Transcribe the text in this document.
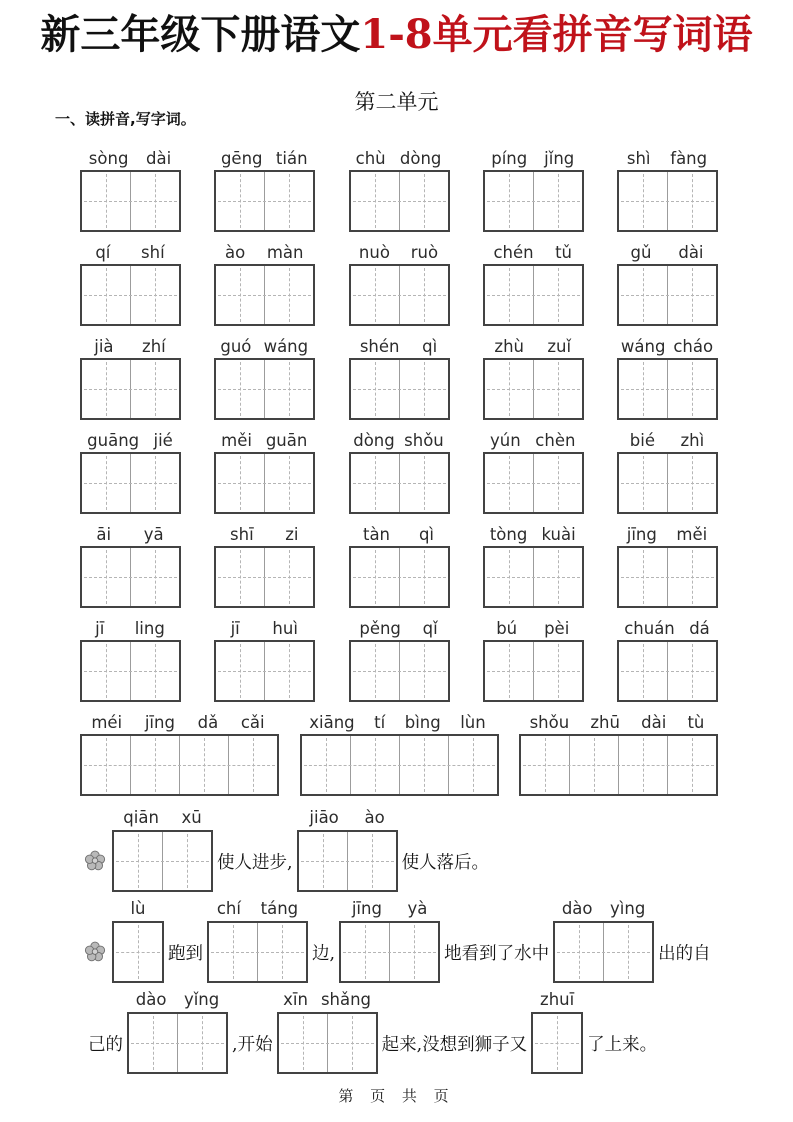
新三年级下册语文1-8单元看拼音写词语
第二单元
一、读拼音,写字词。
sòng dài	gēng tián	chù dòng	píng jǐng	shì fàng
qí shí	ào màn	nuò ruò	chén tǔ	gǔ dài
jià zhí	guó wáng	shén qì	zhù zuǐ	wáng cháo
guāng jié	měi guān	dòng shǒu	yún chèn	bié zhì
āi yā	shī zi	tàn qì	tòng kuài	jīng měi
jī ling	jī huì	pěng qǐ	bú pèi	chuán dá
méi jīng dǎ cǎi	xiāng tí bìng lùn	shǒu zhū dài tù
qiān xū
使人进步,
jiāo ào
使人落后。
lù
跑到
chí táng
边,
jīng yà
地看到了水中
dào yìng
出的自
己的
dào yǐng
,开始
xīn shǎng
起来,没想到狮子又
zhuī
了上来。
第 页 共 页
